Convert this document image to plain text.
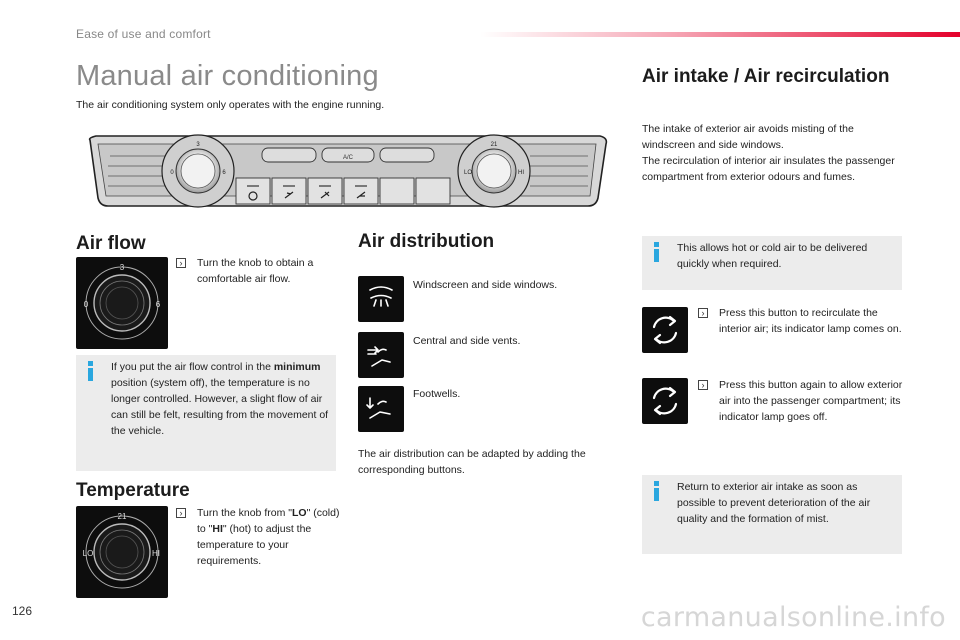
Ease of use and comfort
Manual air conditioning
The air conditioning system only operates with the engine running.
A/C
3
0	6
21
LO	HI
Air flow
3
0	6
›	Turn the knob to obtain a comfortable air flow.
If you put the air flow control in the minimum position (system off), the temperature is no longer controlled. However, a slight flow of air can still be felt, resulting from the movement of the vehicle.
Temperature
21
LO	HI
›	Turn the knob from "LO" (cold) to "HI" (hot) to adjust the temperature to your requirements.
Air distribution
Windscreen and side windows.
Central and side vents.
Footwells.
The air distribution can be adapted by adding the corresponding buttons.
Air intake / Air recirculation
The intake of exterior air avoids misting of the windscreen and side windows.
The recirculation of interior air insulates the passenger compartment from exterior odours and fumes.
This allows hot or cold air to be delivered quickly when required.
›	Press this button to recirculate the interior air; its indicator lamp comes on.
›	Press this button again to allow exterior air into the passenger compartment; its indicator lamp goes off.
Return to exterior air intake as soon as possible to prevent deterioration of the air quality and the formation of mist.
126	carmanualsonline.info
